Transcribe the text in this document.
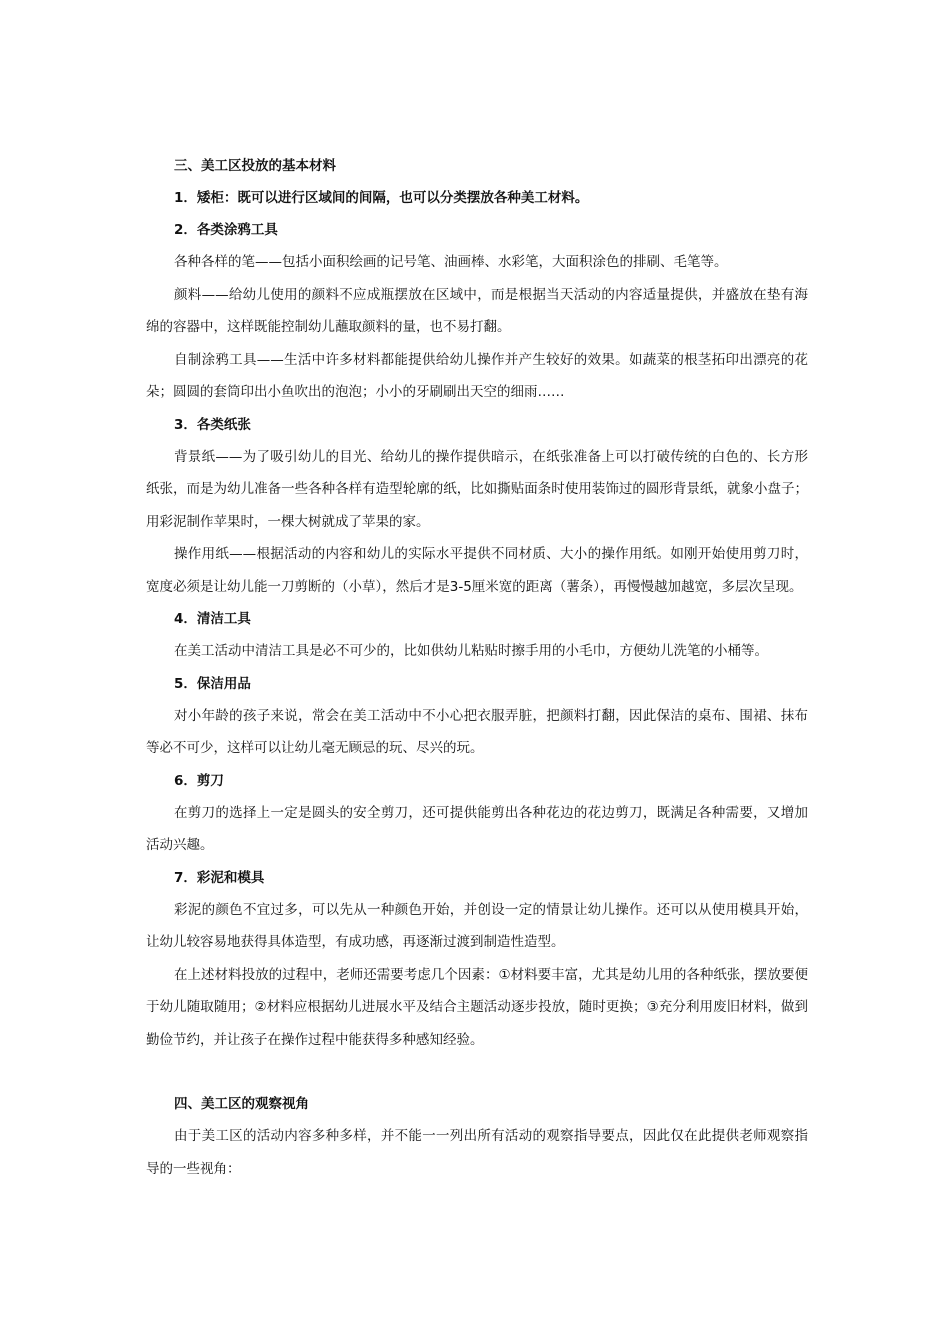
三、美工区投放的基本材料
1．矮柜：既可以进行区域间的间隔，也可以分类摆放各种美工材料。
2．各类涂鸦工具

各种各样的笔——包括小面积绘画的记号笔、油画棒、水彩笔，大面积涂色的排刷、毛笔等。

颜料——给幼儿使用的颜料不应成瓶摆放在区域中，而是根据当天活动的内容适量提供，并盛放在垫有海绵的容器中，这样既能控制幼儿蘸取颜料的量，也不易打翻。

自制涂鸦工具——生活中许多材料都能提供给幼儿操作并产生较好的效果。如蔬菜的根茎拓印出漂亮的花朵；圆圆的套筒印出小鱼吹出的泡泡；小小的牙刷刷出天空的细雨……

3．各类纸张

背景纸——为了吸引幼儿的目光、给幼儿的操作提供暗示，在纸张准备上可以打破传统的白色的、长方形纸张，而是为幼儿准备一些各种各样有造型轮廓的纸，比如撕贴面条时使用装饰过的圆形背景纸，就象小盘子；用彩泥制作苹果时，一棵大树就成了苹果的家。

操作用纸——根据活动的内容和幼儿的实际水平提供不同材质、大小的操作用纸。如刚开始使用剪刀时，宽度必须是让幼儿能一刀剪断的（小草），然后才是3-5厘米宽的距离（薯条），再慢慢越加越宽，多层次呈现。

4．清洁工具

在美工活动中清洁工具是必不可少的，比如供幼儿粘贴时擦手用的小毛巾，方便幼儿洗笔的小桶等。

5．保洁用品

对小年龄的孩子来说，常会在美工活动中不小心把衣服弄脏，把颜料打翻，因此保洁的桌布、围裙、抹布等必不可少，这样可以让幼儿毫无顾忌的玩、尽兴的玩。

6．剪刀

在剪刀的选择上一定是圆头的安全剪刀，还可提供能剪出各种花边的花边剪刀，既满足各种需要，又增加活动兴趣。

7．彩泥和模具

彩泥的颜色不宜过多，可以先从一种颜色开始，并创设一定的情景让幼儿操作。还可以从使用模具开始，让幼儿较容易地获得具体造型，有成功感，再逐渐过渡到制造性造型。

在上述材料投放的过程中，老师还需要考虑几个因素：①材料要丰富，尤其是幼儿用的各种纸张，摆放要便于幼儿随取随用；②材料应根据幼儿进展水平及结合主题活动逐步投放，随时更换；③充分利用废旧材料，做到勤俭节约，并让孩子在操作过程中能获得多种感知经验。

四、美工区的观察视角

由于美工区的活动内容多种多样，并不能一一列出所有活动的观察指导要点，因此仅在此提供老师观察指导的一些视角：
